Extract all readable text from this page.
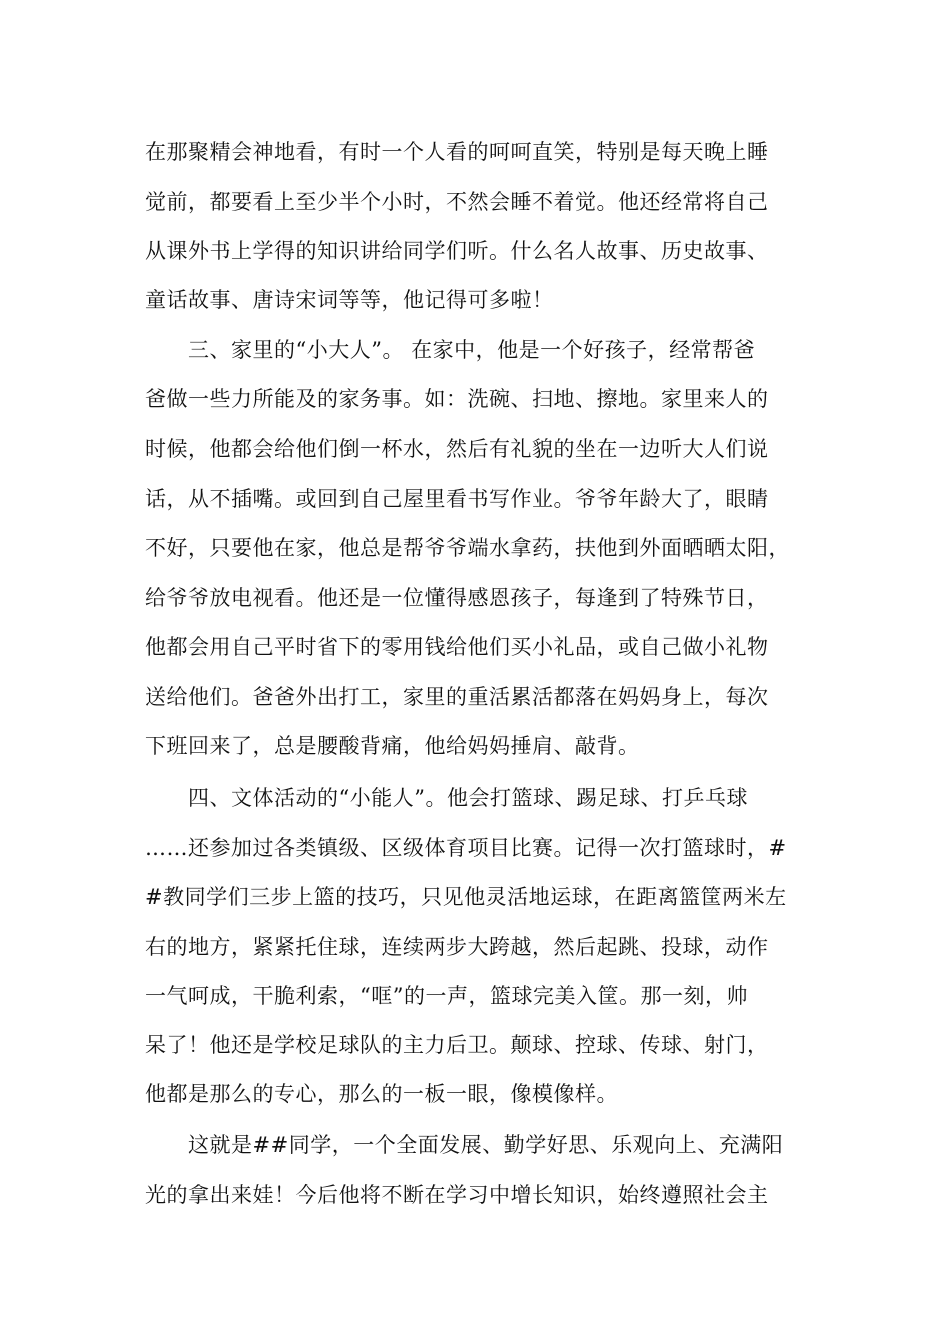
在那聚精会神地看，有时一个人看的呵呵直笑，特别是每天晚上睡
觉前，都要看上至少半个小时，不然会睡不着觉。他还经常将自己
从课外书上学得的知识讲给同学们听。什么名人故事、历史故事、
童话故事、唐诗宋词等等，他记得可多啦！
三、家里的“小大人”。 在家中，他是一个好孩子，经常帮爸
爸做一些力所能及的家务事。如：洗碗、扫地、擦地。家里来人的
时候，他都会给他们倒一杯水，然后有礼貌的坐在一边听大人们说
话，从不插嘴。或回到自己屋里看书写作业。爷爷年龄大了，眼睛
不好，只要他在家，他总是帮爷爷端水拿药，扶他到外面晒晒太阳，
给爷爷放电视看。他还是一位懂得感恩孩子，每逢到了特殊节日，
他都会用自己平时省下的零用钱给他们买小礼品，或自己做小礼物
送给他们。爸爸外出打工，家里的重活累活都落在妈妈身上，每次
下班回来了，总是腰酸背痛，他给妈妈捶肩、敲背。
四、文体活动的“小能人”。他会打篮球、踢足球、打乒乓球
……还参加过各类镇级、区级体育项目比赛。记得一次打篮球时，#
#教同学们三步上篮的技巧，只见他灵活地运球，在距离篮筐两米左
右的地方，紧紧托住球，连续两步大跨越，然后起跳、投球，动作
一气呵成，干脆利索，“哐”的一声，篮球完美入筐。那一刻，帅
呆了！他还是学校足球队的主力后卫。颠球、控球、传球、射门，
他都是那么的专心，那么的一板一眼，像模像样。
这就是##同学，一个全面发展、勤学好思、乐观向上、充满阳
光的拿出来娃！今后他将不断在学习中增长知识，始终遵照社会主
